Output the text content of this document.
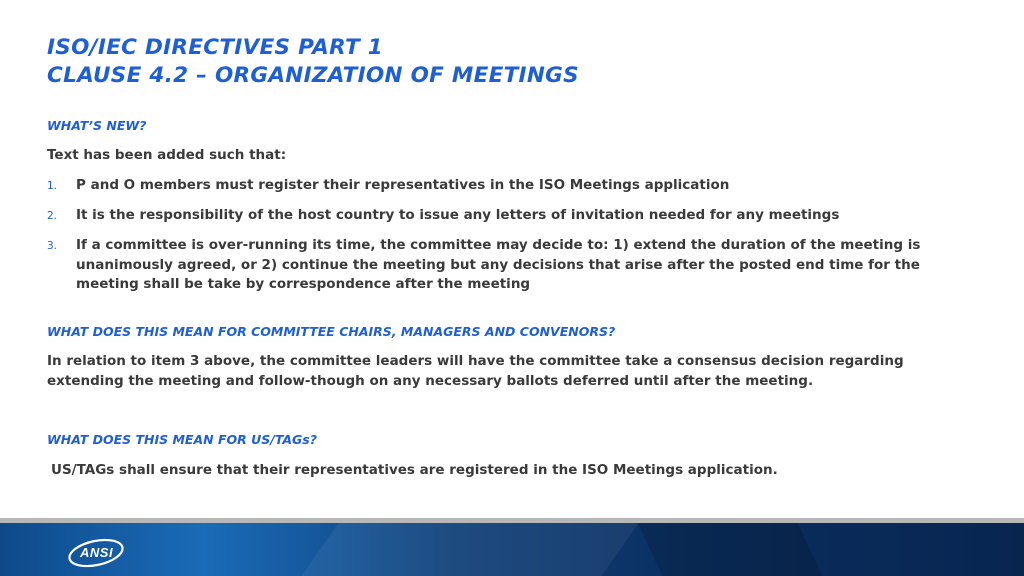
ISO/IEC DIRECTIVES PART 1
CLAUSE 4.2 – ORGANIZATION OF MEETINGS
WHAT’S NEW?
Text has been added such that:
1. P and O members must register their representatives in the ISO Meetings application
2. It is the responsibility of the host country to issue any letters of invitation needed for any meetings
3. If a committee is over-running its time, the committee may decide to: 1) extend the duration of the meeting is unanimously agreed, or 2) continue the meeting but any decisions that arise after the posted end time for the meeting shall be take by correspondence after the meeting
WHAT DOES THIS MEAN FOR COMMITTEE CHAIRS, MANAGERS AND CONVENORS?
In relation to item 3 above, the committee leaders will have the committee take a consensus decision regarding extending the meeting and follow-though on any necessary ballots deferred until after the meeting.
WHAT DOES THIS MEAN FOR US/TAGs?
US/TAGs shall ensure that their representatives are registered in the ISO Meetings application.
ANSI
